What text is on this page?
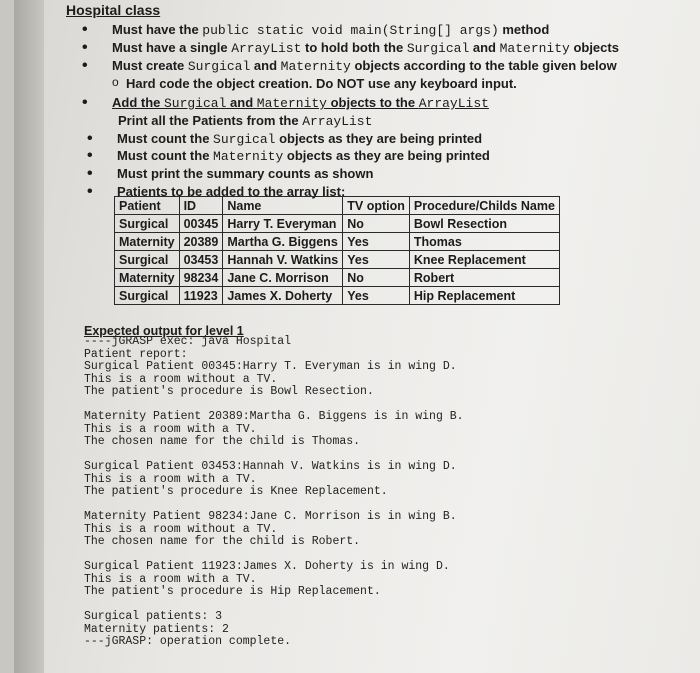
Hospital class
• Must have the public static void main(String[] args) method
• Must have a single ArrayList to hold both the Surgical and Maternity objects
• Must create Surgical and Maternity objects according to the table given below
o Hard code the object creation. Do NOT use any keyboard input.
• Add the Surgical and Maternity objects to the ArrayList
Print all the Patients from the ArrayList
• Must count the Surgical objects as they are being printed
• Must count the Maternity objects as they are being printed
• Must print the summary counts as shown
• Patients to be added to the array list:
Patient	ID	Name	TV option	Procedure/Childs Name
Surgical	00345	Harry T. Everyman	No	Bowl Resection
Maternity	20389	Martha G. Biggens	Yes	Thomas
Surgical	03453	Hannah V. Watkins	Yes	Knee Replacement
Maternity	98234	Jane C. Morrison	No	Robert
Surgical	11923	James X. Doherty	Yes	Hip Replacement
Expected output for level 1
----jGRASP exec: java Hospital
Patient report:
Surgical Patient 00345:Harry T. Everyman is in wing D.
This is a room without a TV.
The patient's procedure is Bowl Resection.

Maternity Patient 20389:Martha G. Biggens is in wing B.
This is a room with a TV.
The chosen name for the child is Thomas.

Surgical Patient 03453:Hannah V. Watkins is in wing D.
This is a room with a TV.
The patient's procedure is Knee Replacement.

Maternity Patient 98234:Jane C. Morrison is in wing B.
This is a room without a TV.
The chosen name for the child is Robert.

Surgical Patient 11923:James X. Doherty is in wing D.
This is a room with a TV.
The patient's procedure is Hip Replacement.

Surgical patients: 3
Maternity patients: 2
---jGRASP: operation complete.
